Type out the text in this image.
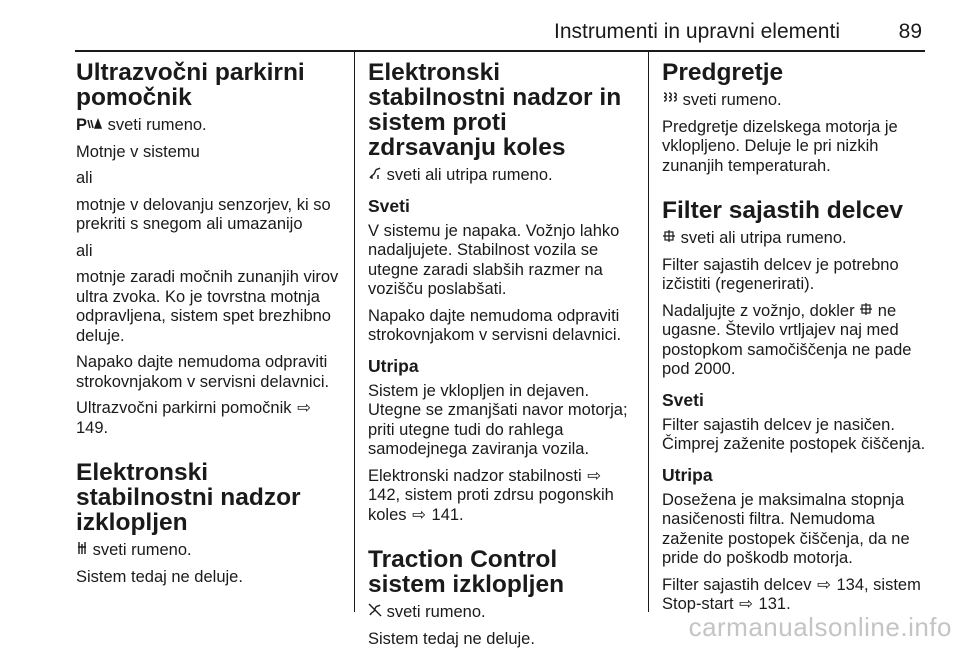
Instrumenti in upravni elementi	89
Ultrazvočni parkirni pomočnik

P sveti rumeno.

Motnje v sistemu

ali

motnje v delovanju senzorjev, ki so prekriti s snegom ali umazanijo

ali

motnje zaradi močnih zunanjih virov ultra zvoka. Ko je tovrstna motnja odpravljena, sistem spet brezhibno deluje.

Napako dajte nemudoma odpraviti strokovnjakom v servisni delavnici.

Ultrazvočni parkirni pomočnik ⇨ 149.

Elektronski stabilnostni nadzor izklopljen

sveti rumeno.

Sistem tedaj ne deluje.

Elektronski stabilnostni nadzor in sistem proti zdrsavanju koles

sveti ali utripa rumeno.

Sveti

V sistemu je napaka. Vožnjo lahko nadaljujete. Stabilnost vozila se utegne zaradi slabših razmer na vozišču poslabšati.

Napako dajte nemudoma odpraviti strokovnjakom v servisni delavnici.

Utripa

Sistem je vklopljen in dejaven. Utegne se zmanjšati navor motorja; priti utegne tudi do rahlega samodejnega zaviranja vozila.

Elektronski nadzor stabilnosti ⇨ 142, sistem proti zdrsu pogonskih koles ⇨ 141.

Traction Control sistem izklopljen

sveti rumeno.

Sistem tedaj ne deluje.

Predgretje

sveti rumeno.

Predgretje dizelskega motorja je vklopljeno. Deluje le pri nizkih zunanjih temperaturah.

Filter sajastih delcev

sveti ali utripa rumeno.

Filter sajastih delcev je potrebno izčistiti (regenerirati).

Nadaljujte z vožnjo, dokler  ne ugasne. Število vrtljajev naj med postopkom samočiščenja ne pade pod 2000.

Sveti

Filter sajastih delcev je nasičen. Čimprej zaženite postopek čiščenja.

Utripa

Dosežena je maksimalna stopnja nasičenosti filtra. Nemudoma zaženite postopek čiščenja, da ne pride do poškodb motorja.

Filter sajastih delcev ⇨ 134, sistem Stop-start ⇨ 131.

carmanualsonline.info
